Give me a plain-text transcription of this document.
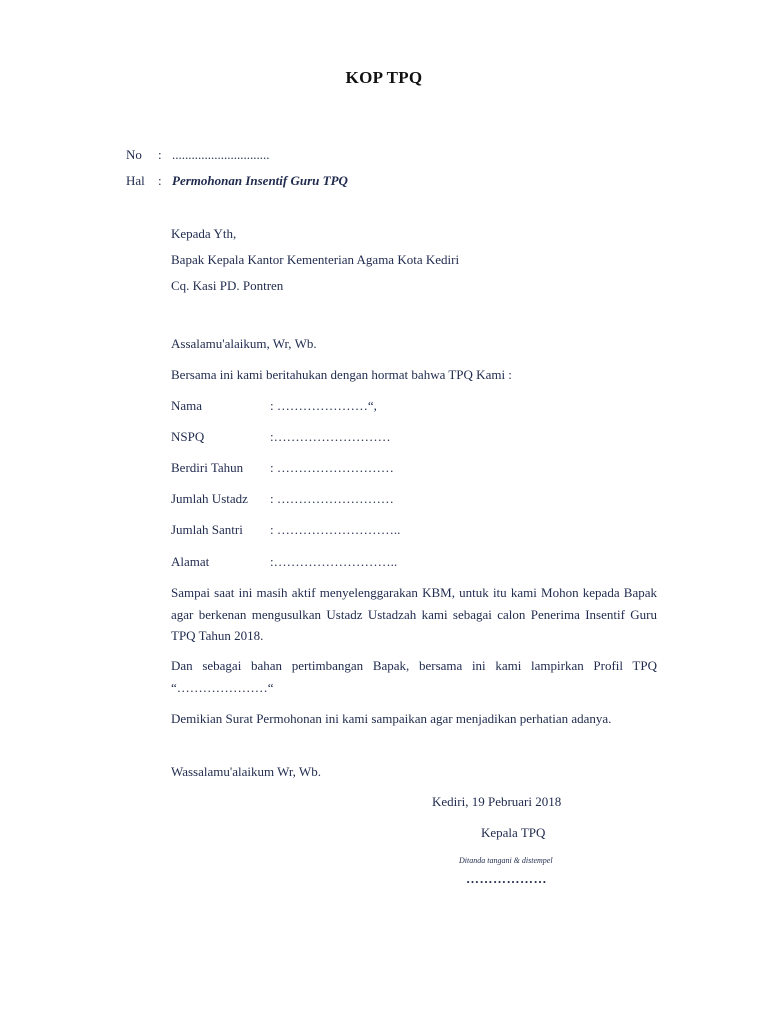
KOP TPQ
No : ..............................
Hal : Permohonan Insentif Guru TPQ
Kepada Yth,
Bapak Kepala Kantor Kementerian Agama Kota Kediri
Cq. Kasi PD. Pontren
Assalamu'alaikum, Wr, Wb.
Bersama ini kami beritahukan dengan hormat bahwa TPQ Kami :
Nama	: …………………“,
NSPQ	:………………………
Berdiri Tahun : ………………………
Jumlah Ustadz : ………………………
Jumlah Santri : ………………………..
Alamat	:………………………..
Sampai saat ini masih aktif menyelenggarakan KBM, untuk itu kami Mohon kepada Bapak agar berkenan mengusulkan Ustadz Ustadzah kami sebagai calon Penerima Insentif Guru TPQ Tahun 2018.
Dan sebagai bahan pertimbangan Bapak, bersama ini kami lampirkan Profil TPQ “…………………“
Demikian Surat Permohonan ini kami sampaikan agar menjadikan perhatian adanya.
Wassalamu'alaikum Wr, Wb.
Kediri, 19 Pebruari 2018
Kepala TPQ
Ditanda tangani & distempel
………………
